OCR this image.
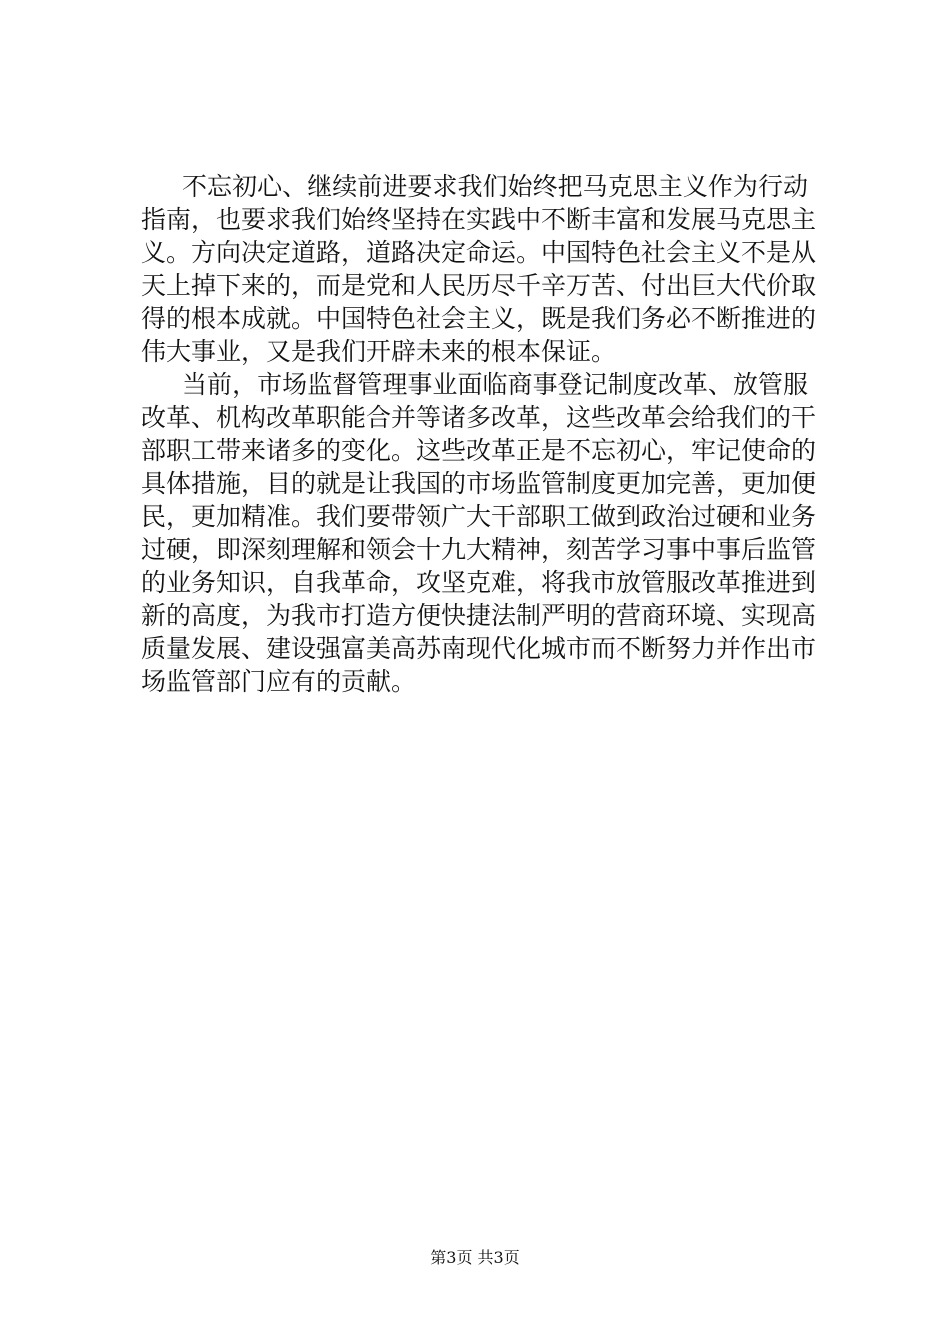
不忘初心、继续前进要求我们始终把马克思主义作为行动
指南，也要求我们始终坚持在实践中不断丰富和发展马克思主
义。方向决定道路，道路决定命运。中国特色社会主义不是从
天上掉下来的，而是党和人民历尽千辛万苦、付出巨大代价取
得的根本成就。中国特色社会主义，既是我们务必不断推进的
伟大事业，又是我们开辟未来的根本保证。
当前，市场监督管理事业面临商事登记制度改革、放管服
改革、机构改革职能合并等诸多改革，这些改革会给我们的干
部职工带来诸多的变化。这些改革正是不忘初心，牢记使命的
具体措施，目的就是让我国的市场监管制度更加完善，更加便
民，更加精准。我们要带领广大干部职工做到政治过硬和业务
过硬，即深刻理解和领会十九大精神，刻苦学习事中事后监管
的业务知识，自我革命，攻坚克难，将我市放管服改革推进到
新的高度，为我市打造方便快捷法制严明的营商环境、实现高
质量发展、建设强富美高苏南现代化城市而不断努力并作出市
场监管部门应有的贡献。
第3页 共3页
